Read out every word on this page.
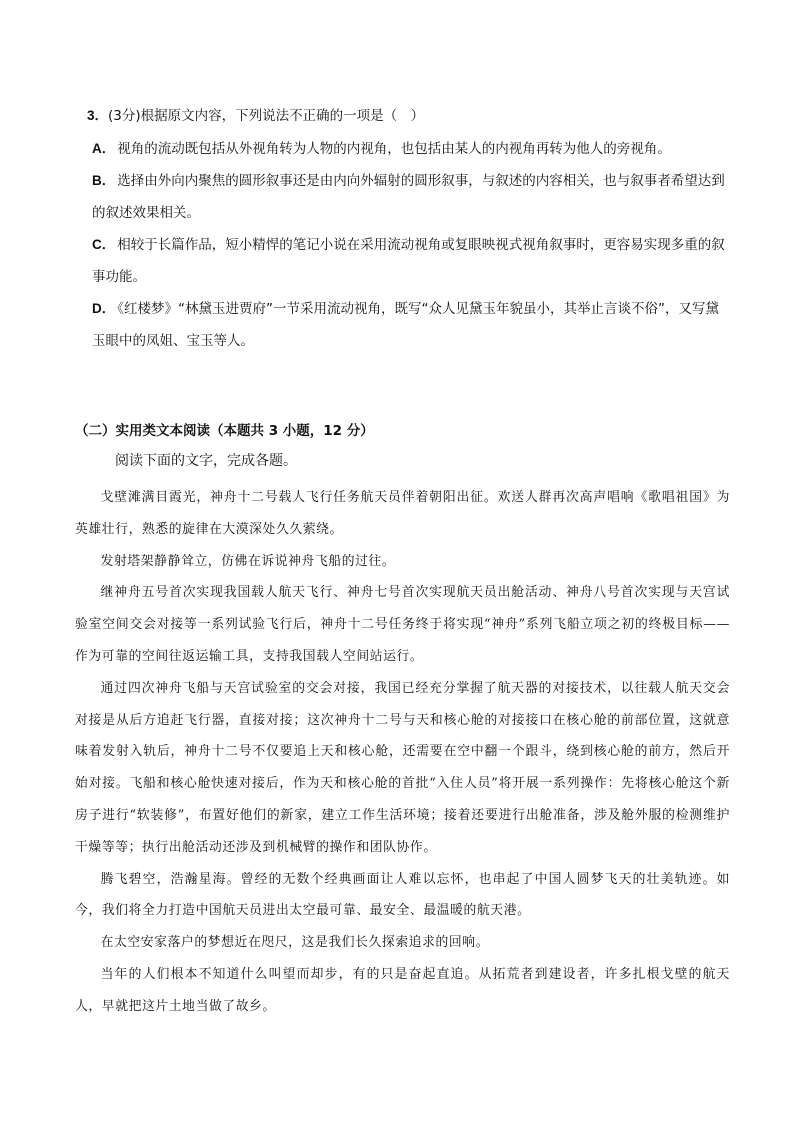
3．(3分)根据原文内容，下列说法不正确的一项是（　）

A． 视角的流动既包括从外视角转为人物的内视角，也包括由某人的内视角再转为他人的旁视角。

B． 选择由外向内聚焦的圆形叙事还是由内向外辐射的圆形叙事，与叙述的内容相关，也与叙事者希望达到的叙述效果相关。

C． 相较于长篇作品，短小精悍的笔记小说在采用流动视角或复眼映视式视角叙事时，更容易实现多重的叙事功能。

D． 《红楼梦》“林黛玉进贾府”一节采用流动视角，既写“众人见黛玉年貌虽小，其举止言谈不俗”，又写黛玉眼中的凤姐、宝玉等人。

（二）实用类文本阅读（本题共 3 小题，12 分）
阅读下面的文字，完成各题。

戈壁滩满目霞光，神舟十二号载人飞行任务航天员伴着朝阳出征。欢送人群再次高声唱响《歌唱祖国》为英雄壮行，熟悉的旋律在大漠深处久久萦绕。

发射塔架静静耸立，仿佛在诉说神舟飞船的过往。

继神舟五号首次实现我国载人航天飞行、神舟七号首次实现航天员出舱活动、神舟八号首次实现与天宫试验室空间交会对接等一系列试验飞行后，神舟十二号任务终于将实现“神舟”系列飞船立项之初的终极目标——作为可靠的空间往返运输工具，支持我国载人空间站运行。

通过四次神舟飞船与天宫试验室的交会对接，我国已经充分掌握了航天器的对接技术，以往载人航天交会对接是从后方追赶飞行器，直接对接；这次神舟十二号与天和核心舱的对接接口在核心舱的前部位置，这就意味着发射入轨后，神舟十二号不仅要追上天和核心舱，还需要在空中翻一个跟斗，绕到核心舱的前方，然后开始对接。飞船和核心舱快速对接后，作为天和核心舱的首批“入住人员”将开展一系列操作：先将核心舱这个新房子进行“软装修”，布置好他们的新家，建立工作生活环境；接着还要进行出舱准备，涉及舱外服的检测维护干燥等等；执行出舱活动还涉及到机械臂的操作和团队协作。

腾飞碧空，浩瀚星海。曾经的无数个经典画面让人难以忘怀，也串起了中国人圆梦飞天的壮美轨迹。如今，我们将全力打造中国航天员进出太空最可靠、最安全、最温暖的航天港。

在太空安家落户的梦想近在咫尺，这是我们长久探索追求的回响。

当年的人们根本不知道什么叫望而却步，有的只是奋起直追。从拓荒者到建设者，许多扎根戈壁的航天人，早就把这片土地当做了故乡。
